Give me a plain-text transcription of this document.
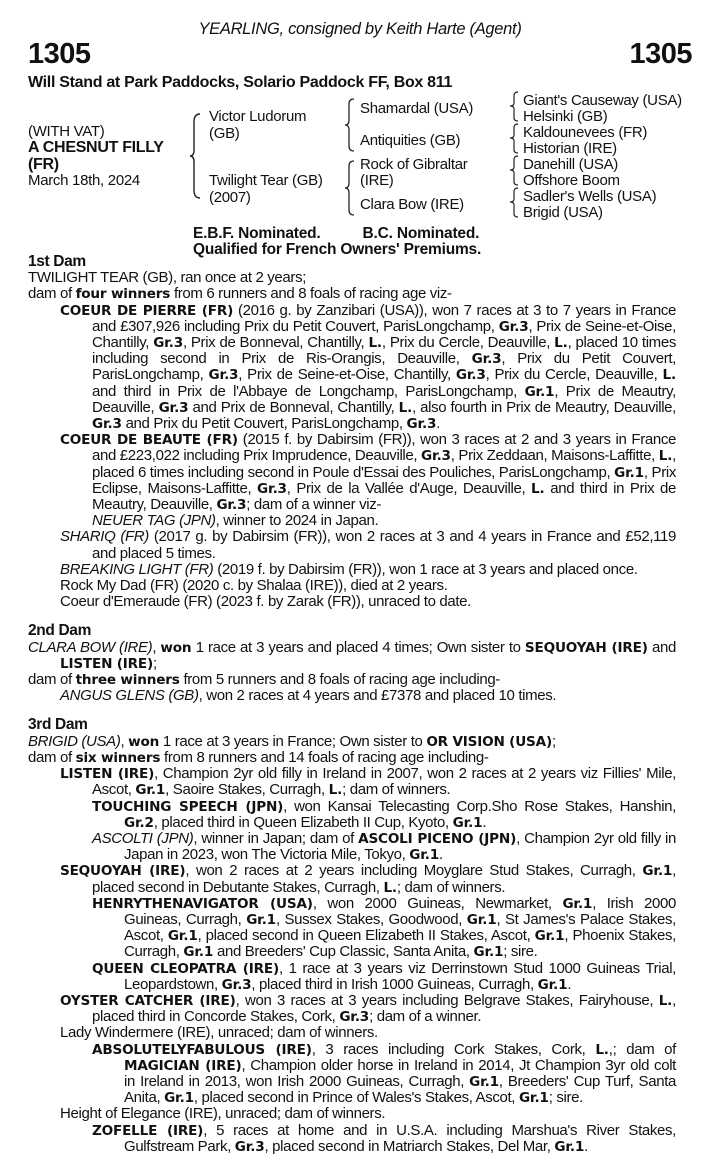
YEARLING, consigned by Keith Harte (Agent)
1305	1305
Will Stand at Park Paddocks, Solario Paddock FF, Box 811
(WITH VAT)
A CHESNUT FILLY
(FR)
March 18th, 2024
Victor Ludorum
(GB)
Twilight Tear (GB)
(2007)
Shamardal (USA)
Antiquities (GB)
Rock of Gibraltar
(IRE)
Clara Bow (IRE)
Giant's Causeway (USA)
Helsinki (GB)
Kaldounevees (FR)
Historian (IRE)
Danehill (USA)
Offshore Boom
Sadler's Wells (USA)
Brigid (USA)
E.B.F. Nominated.	B.C. Nominated.
Qualified for French Owners' Premiums.
1st Dam
TWILIGHT TEAR (GB), ran once at 2 years;
dam of four winners from 6 runners and 8 foals of racing age viz-
COEUR DE PIERRE (FR) (2016 g. by Zanzibari (USA)), won 7 races at 3 to 7 years in France and £307,926 including Prix du Petit Couvert, ParisLongchamp, Gr.3, Prix de Seine-et-Oise, Chantilly, Gr.3, Prix de Bonneval, Chantilly, L., Prix du Cercle, Deauville, L., placed 10 times including second in Prix de Ris-Orangis, Deauville, Gr.3, Prix du Petit Couvert, ParisLongchamp, Gr.3, Prix de Seine-et-Oise, Chantilly, Gr.3, Prix du Cercle, Deauville, L. and third in Prix de l'Abbaye de Longchamp, ParisLongchamp, Gr.1, Prix de Meautry, Deauville, Gr.3 and Prix de Bonneval, Chantilly, L., also fourth in Prix de Meautry, Deauville, Gr.3 and Prix du Petit Couvert, ParisLongchamp, Gr.3.
COEUR DE BEAUTE (FR) (2015 f. by Dabirsim (FR)), won 3 races at 2 and 3 years in France and £223,022 including Prix Imprudence, Deauville, Gr.3, Prix Zeddaan, Maisons-Laffitte, L., placed 6 times including second in Poule d'Essai des Pouliches, ParisLongchamp, Gr.1, Prix Eclipse, Maisons-Laffitte, Gr.3, Prix de la Vallée d'Auge, Deauville, L. and third in Prix de Meautry, Deauville, Gr.3; dam of a winner viz-
NEUER TAG (JPN), winner to 2024 in Japan.
SHARIQ (FR) (2017 g. by Dabirsim (FR)), won 2 races at 3 and 4 years in France and £52,119 and placed 5 times.
BREAKING LIGHT (FR) (2019 f. by Dabirsim (FR)), won 1 race at 3 years and placed once.
Rock My Dad (FR) (2020 c. by Shalaa (IRE)), died at 2 years.
Coeur d'Emeraude (FR) (2023 f. by Zarak (FR)), unraced to date.
2nd Dam
CLARA BOW (IRE), won 1 race at 3 years and placed 4 times; Own sister to SEQUOYAH (IRE) and LISTEN (IRE);
dam of three winners from 5 runners and 8 foals of racing age including-
ANGUS GLENS (GB), won 2 races at 4 years and £7378 and placed 10 times.
3rd Dam
BRIGID (USA), won 1 race at 3 years in France; Own sister to OR VISION (USA);
dam of six winners from 8 runners and 14 foals of racing age including-
LISTEN (IRE), Champion 2yr old filly in Ireland in 2007, won 2 races at 2 years viz Fillies' Mile, Ascot, Gr.1, Saoire Stakes, Curragh, L.; dam of winners.
TOUCHING SPEECH (JPN), won Kansai Telecasting Corp.Sho Rose Stakes, Hanshin, Gr.2, placed third in Queen Elizabeth II Cup, Kyoto, Gr.1.
ASCOLTI (JPN), winner in Japan; dam of ASCOLI PICENO (JPN), Champion 2yr old filly in Japan in 2023, won The Victoria Mile, Tokyo, Gr.1.
SEQUOYAH (IRE), won 2 races at 2 years including Moyglare Stud Stakes, Curragh, Gr.1, placed second in Debutante Stakes, Curragh, L.; dam of winners.
HENRYTHENAVIGATOR (USA), won 2000 Guineas, Newmarket, Gr.1, Irish 2000 Guineas, Curragh, Gr.1, Sussex Stakes, Goodwood, Gr.1, St James's Palace Stakes, Ascot, Gr.1, placed second in Queen Elizabeth II Stakes, Ascot, Gr.1, Phoenix Stakes, Curragh, Gr.1 and Breeders' Cup Classic, Santa Anita, Gr.1; sire.
QUEEN CLEOPATRA (IRE), 1 race at 3 years viz Derrinstown Stud 1000 Guineas Trial, Leopardstown, Gr.3, placed third in Irish 1000 Guineas, Curragh, Gr.1.
OYSTER CATCHER (IRE), won 3 races at 3 years including Belgrave Stakes, Fairyhouse, L., placed third in Concorde Stakes, Cork, Gr.3; dam of a winner.
Lady Windermere (IRE), unraced; dam of winners.
ABSOLUTELYFABULOUS (IRE), 3 races including Cork Stakes, Cork, L.,; dam of MAGICIAN (IRE), Champion older horse in Ireland in 2014, Jt Champion 3yr old colt in Ireland in 2013, won Irish 2000 Guineas, Curragh, Gr.1, Breeders' Cup Turf, Santa Anita, Gr.1, placed second in Prince of Wales's Stakes, Ascot, Gr.1; sire.
Height of Elegance (IRE), unraced; dam of winners.
ZOFELLE (IRE), 5 races at home and in U.S.A. including Marshua's River Stakes, Gulfstream Park, Gr.3, placed second in Matriarch Stakes, Del Mar, Gr.1.
